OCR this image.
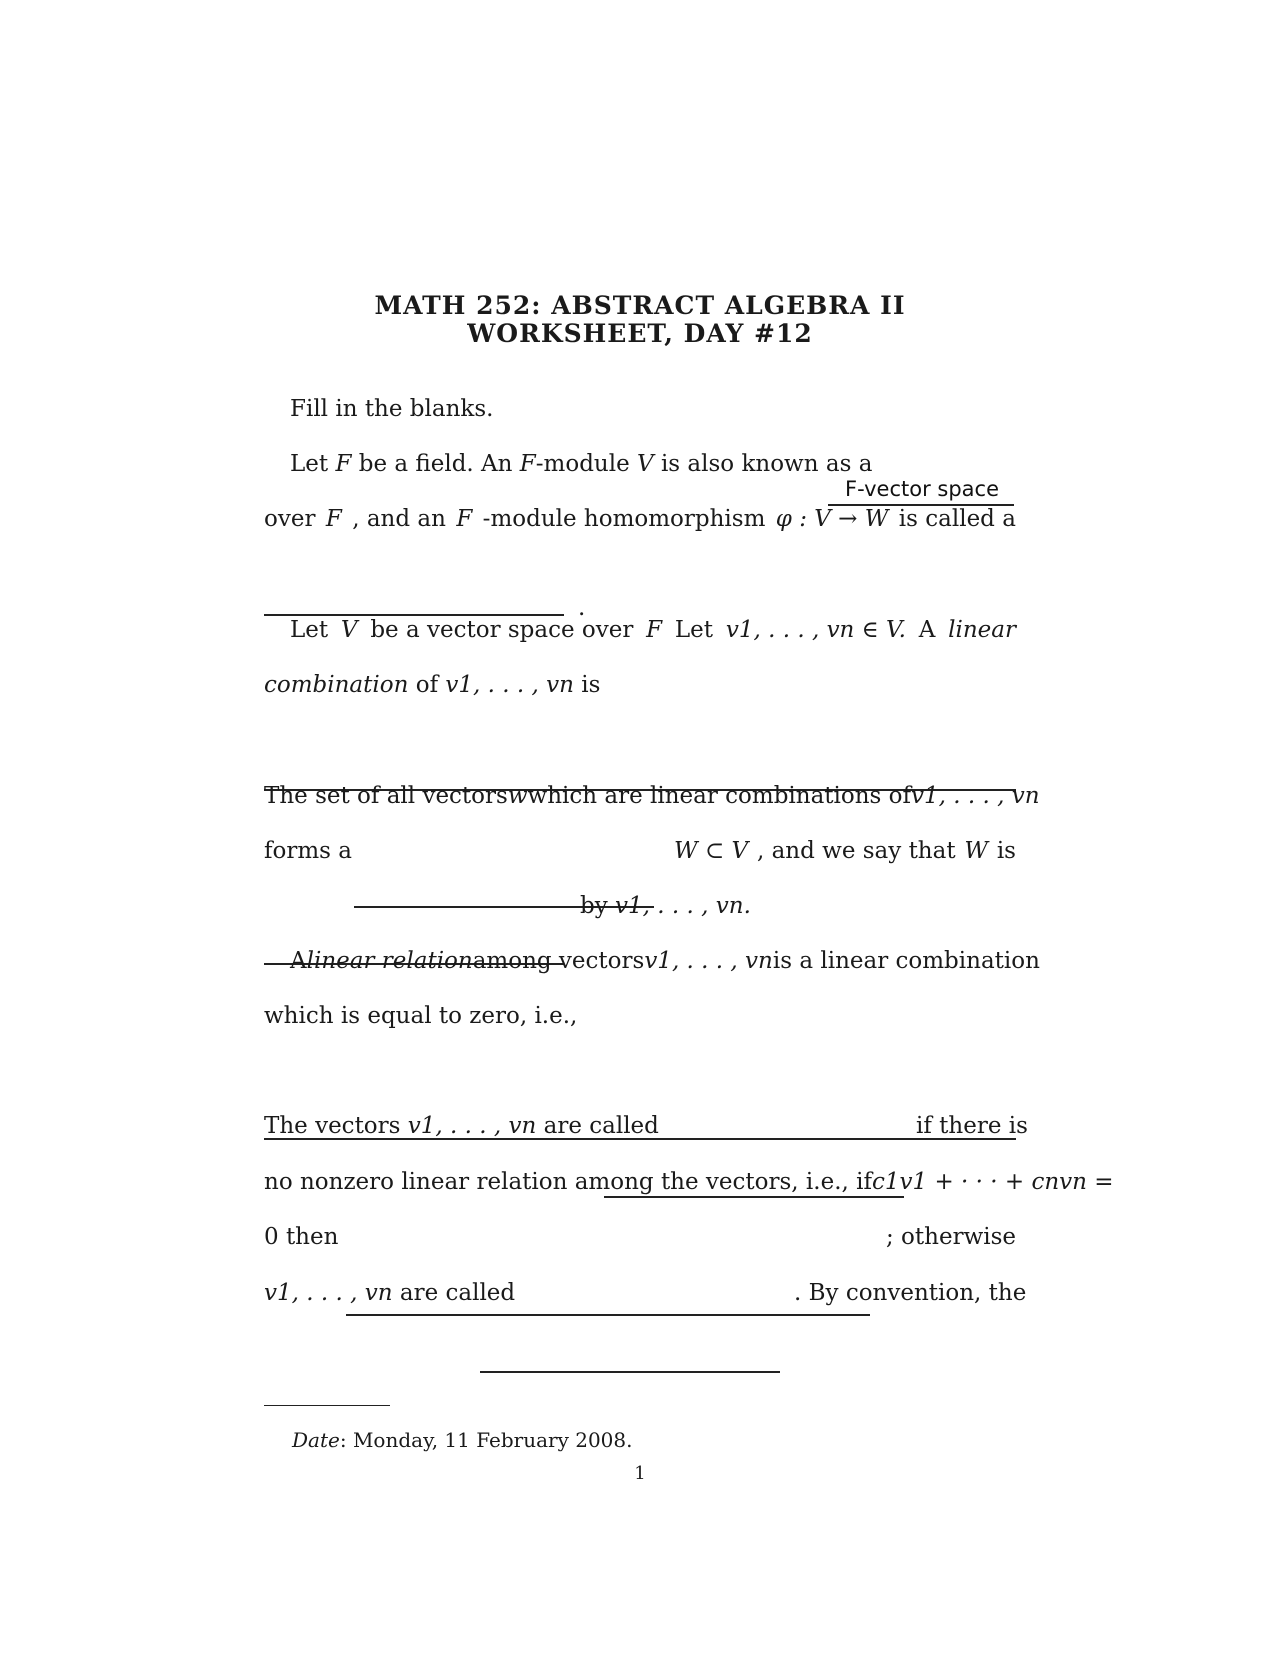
MATH 252: ABSTRACT ALGEBRA II
WORKSHEET, DAY #12
Fill in the blanks.
Let F be a field. An F-module V is also known as a
F-vector space
over F , and an F -module homomorphism φ : V → W is called a
.
Let V be a vector space over F Let v1, . . . , vn ∈ V. A linear
combination of v1, . . . , vn is
The set of all vectors w which are linear combinations of v1, . . . , vn
forms a	W ⊂ V , and we say that W is
by v1, . . . , vn.
A linear relation among vectors v1, . . . , vn is a linear combination
which is equal to zero, i.e.,
The vectors v1, . . . , vn are called	if there is
no nonzero linear relation among the vectors, i.e., if c1v1 + · · · + cnvn =
0 then	; otherwise
v1, . . . , vn are called	. By convention, the
Date: Monday, 11 February 2008.
1
